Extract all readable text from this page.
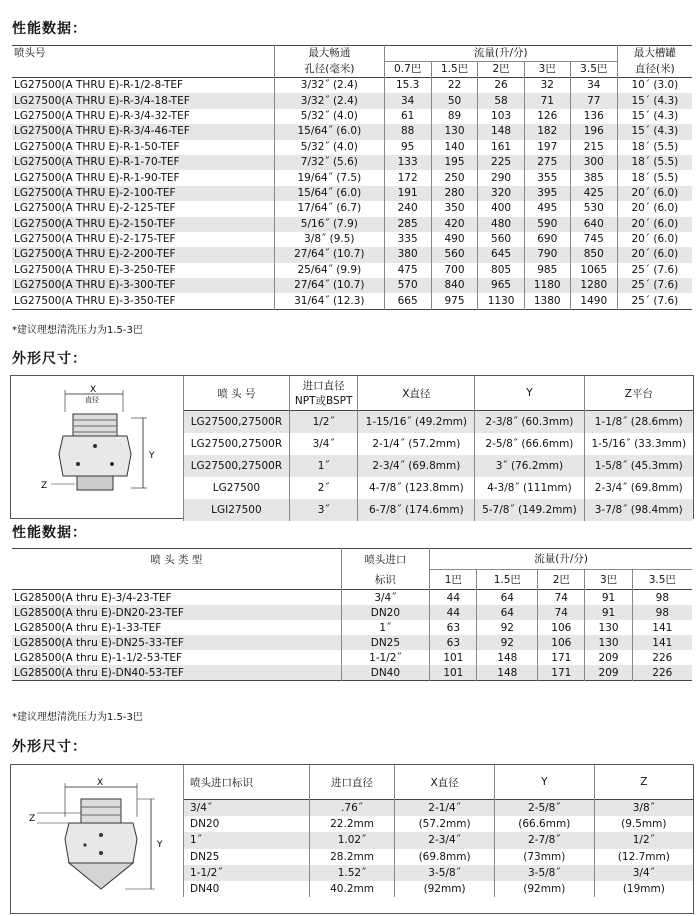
性能数据：
喷头号	最大畅通	流量(升/分)					最大槽罐
	孔径(毫米)	0.7巴	1.5巴	2巴	3巴	3.5巴	直径(米)
LG27500(A THRU E)-R-1/2-8-TEF	3/32˝ (2.4)	15.3	22	26	32	34	10ˊ (3.0)
LG27500(A THRU E)-R-3/4-18-TEF	3/32˝ (2.4)	34	50	58	71	77	15ˊ (4.3)
LG27500(A THRU E)-R-3/4-32-TEF	5/32˝ (4.0)	61	89	103	126	136	15ˊ (4.3)
LG27500(A THRU E)-R-3/4-46-TEF	15/64˝ (6.0)	88	130	148	182	196	15ˊ (4.3)
LG27500(A THRU E)-R-1-50-TEF	5/32˝ (4.0)	95	140	161	197	215	18ˊ (5.5)
LG27500(A THRU E)-R-1-70-TEF	7/32˝ (5.6)	133	195	225	275	300	18ˊ (5.5)
LG27500(A THRU E)-R-1-90-TEF	19/64˝ (7.5)	172	250	290	355	385	18ˊ (5.5)
LG27500(A THRU E)-2-100-TEF	15/64˝ (6.0)	191	280	320	395	425	20ˊ (6.0)
LG27500(A THRU E)-2-125-TEF	17/64˝ (6.7)	240	350	400	495	530	20ˊ (6.0)
LG27500(A THRU E)-2-150-TEF	5/16˝ (7.9)	285	420	480	590	640	20ˊ (6.0)
LG27500(A THRU E)-2-175-TEF	3/8˝ (9.5)	335	490	560	690	745	20ˊ (6.0)
LG27500(A THRU E)-2-200-TEF	27/64˝ (10.7)	380	560	645	790	850	20ˊ (6.0)
LG27500(A THRU E)-3-250-TEF	25/64˝ (9.9)	475	700	805	985	1065	25ˊ (7.6)
LG27500(A THRU E)-3-300-TEF	27/64˝ (10.7)	570	840	965	1180	1280	25ˊ (7.6)
LG27500(A THRU E)-3-350-TEF	31/64˝ (12.3)	665	975	1130	1380	1490	25ˊ (7.6)
*建议理想清洗压力为1.5-3巴
外形尺寸：
X
直径
Y
Z
喷 头 号	进口直径
NPT或BSPT	X直径	Y	Z平台
LG27500,27500R	1/2˝	1-15/16˝ (49.2mm)	2-3/8˝ (60.3mm)	1-1/8˝ (28.6mm)
LG27500,27500R	3/4˝	2-1/4˝ (57.2mm)	2-5/8˝ (66.6mm)	1-5/16˝ (33.3mm)
LG27500,27500R	1˝	2-3/4˝ (69.8mm)	3˝ (76.2mm)	1-5/8˝ (45.3mm)
LG27500	2˝	4-7/8˝ (123.8mm)	4-3/8˝ (111mm)	2-3/4˝ (69.8mm)
LGI27500	3˝	6-7/8˝ (174.6mm)	5-7/8˝ (149.2mm)	3-7/8˝ (98.4mm)
性能数据：
喷 头 类 型	喷头进口	流量(升/分)				
	标识	1巴	1.5巴	2巴	3巴	3.5巴
LG28500(A thru E)-3/4-23-TEF	3/4˝	44	64	74	91	98
LG28500(A thru E)-DN20-23-TEF	DN20	44	64	74	91	98
LG28500(A thru E)-1-33-TEF	1˝	63	92	106	130	141
LG28500(A thru E)-DN25-33-TEF	DN25	63	92	106	130	141
LG28500(A thru E)-1-1/2-53-TEF	1-1/2˝	101	148	171	209	226
LG28500(A thru E)-DN40-53-TEF	DN40	101	148	171	209	226
*建议理想清洗压力为1.5-3巴
外形尺寸：
X
Y
Z
喷头进口标识	进口直径	X直径	Y	Z
3/4˝	.76˝	2-1/4˝	2-5/8˝	3/8˝
DN20	22.2mm	(57.2mm)	(66.6mm)	(9.5mm)
1˝	1.02˝	2-3/4˝	2-7/8˝	1/2˝
DN25	28.2mm	(69.8mm)	(73mm)	(12.7mm)
1-1/2˝	1.52˝	3-5/8˝	3-5/8˝	3/4˝
DN40	40.2mm	(92mm)	(92mm)	(19mm)
